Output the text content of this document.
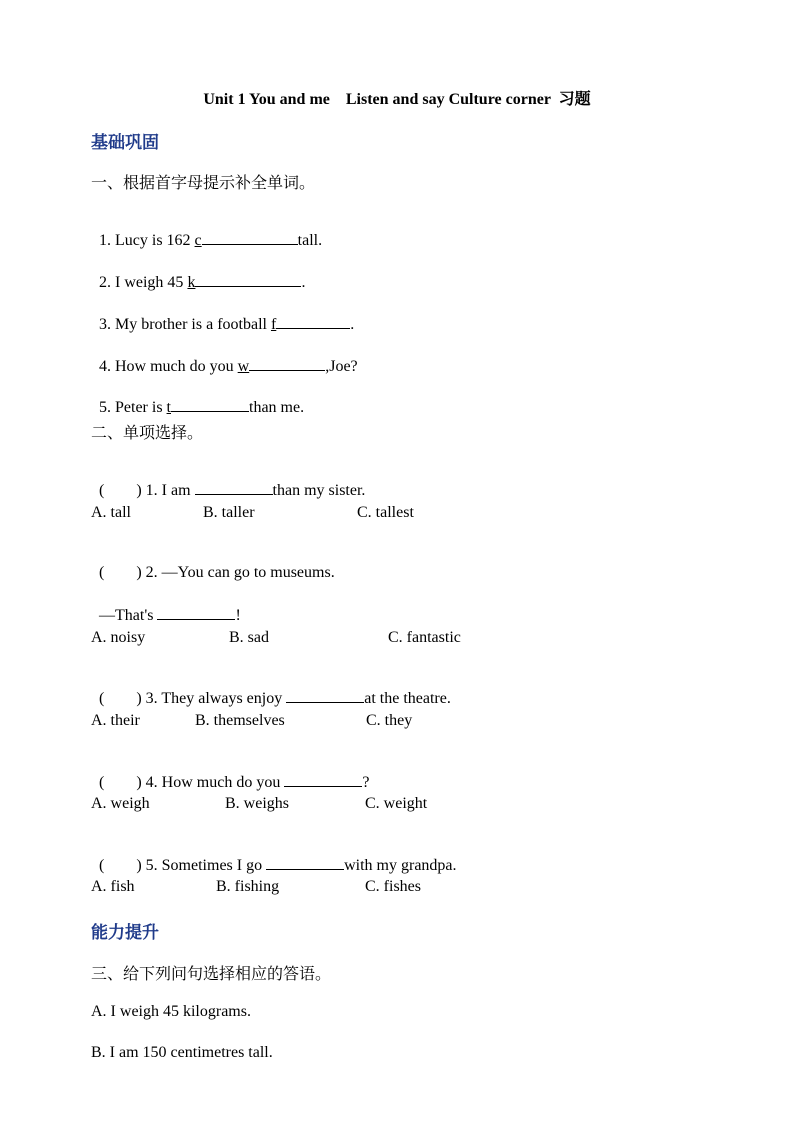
Unit 1 You and me    Listen and say Culture corner  习题
基础巩固
一、根据首字母提示补全单词。

1. Lucy is 162 c	tall.

2. I weigh 45 k	.

3. My brother is a football f	.

4. How much do you w	,Joe?

5. Peter is t	than me.

二、单项选择。

(        ) 1. I am	than my sister.

A. tall	B. taller	C. tallest

(        ) 2. —You can go to museums.

—That's	!

A. noisy	B. sad	C. fantastic

(        ) 3. They always enjoy	at the theatre.

A. their	B. themselves	C. they

(        ) 4. How much do you	?

A. weigh	B. weighs	C. weight

(        ) 5. Sometimes I go	with my grandpa.

A. fish	B. fishing	C. fishes
能力提升
三、给下列问句选择相应的答语。
A. I weigh 45 kilograms.
B. I am 150 centimetres tall.
